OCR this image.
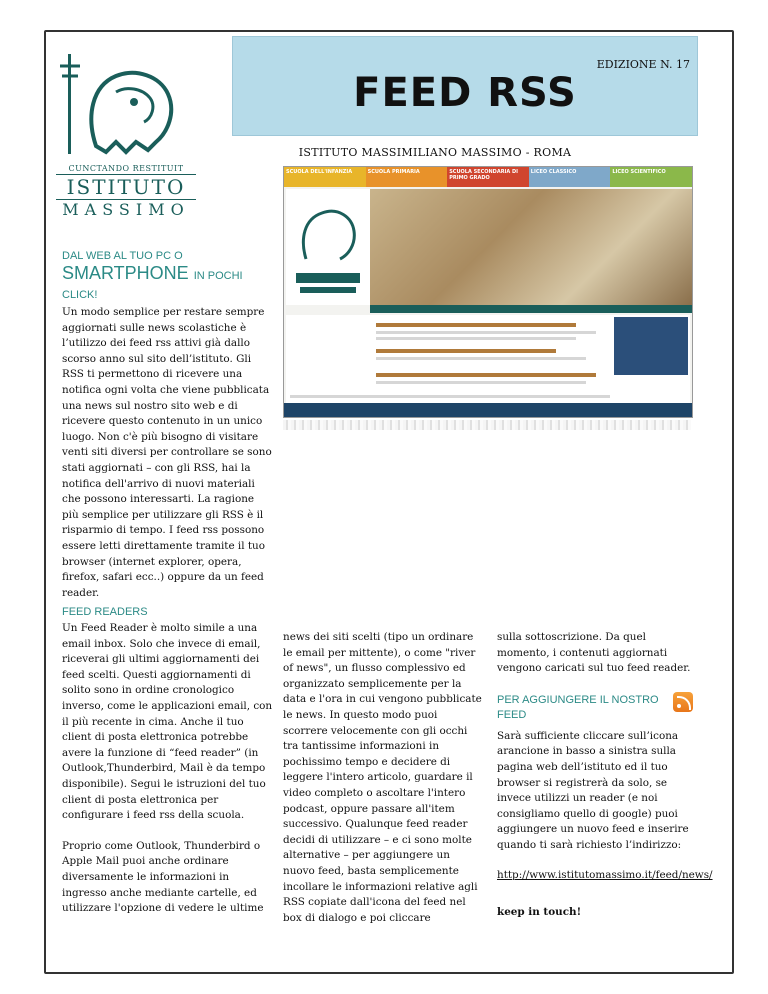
CUNCTANDO RESTITUIT
ISTITUTO
MASSIMO
FEED RSS
EDIZIONE N. 17
ISTITUTO MASSIMILIANO MASSIMO - ROMA
DAL WEB AL TUO PC O
SMARTPHONE IN POCHI
CLICK!

Un modo semplice per restare sempre aggiornati sulle news scolastiche è l’utilizzo dei feed rss attivi già dallo scorso anno sul sito dell’istituto. Gli RSS ti permettono di ricevere una notifica ogni volta che viene pubblicata una news sul nostro sito web e di ricevere questo contenuto in un unico luogo. Non c'è più bisogno di visitare venti siti diversi per controllare se sono stati aggiornati – con gli RSS, hai la notifica dell'arrivo di nuovi materiali che possono interessarti. La ragione più semplice per utilizzare gli RSS è il risparmio di tempo. I feed rss possono essere letti direttamente tramite il tuo browser (internet explorer, opera, firefox, safari ecc..) oppure da un feed reader.

SCUOLA DELL'INFANZIA	SCUOLA PRIMARIA	SCUOLA SECONDARIA DI PRIMO GRADO
LICEO CLASSICO	LICEO SCIENTIFICO
FEED READERS

Un Feed Reader è molto simile a una email inbox. Solo che invece di email, riceverai gli ultimi aggiornamenti dei feed scelti. Questi aggiornamenti di solito sono in ordine cronologico inverso, come le applicazioni email, con il più recente in cima. Anche il tuo client di posta elettronica potrebbe avere la funzione di “feed reader” (in Outlook,Thunderbird, Mail è da tempo disponibile). Segui le istruzioni del tuo client di posta elettronica per configurare i feed rss della scuola.

Proprio come Outlook, Thunderbird o Apple Mail puoi anche ordinare diversamente le informazioni in ingresso anche mediante cartelle, ed utilizzare l'opzione di vedere le ultime

news dei siti scelti (tipo un ordinare le email per mittente), o come "river of news", un flusso complessivo ed organizzato semplicemente per la data e l'ora in cui vengono pubblicate le news. In questo modo puoi scorrere velocemente con gli occhi tra tantissime informazioni in pochissimo tempo e decidere di leggere l'intero articolo, guardare il video completo o ascoltare l'intero podcast, oppure passare all'item successivo. Qualunque feed reader decidi di utilizzare – e ci sono molte alternative – per aggiungere un nuovo feed, basta semplicemente incollare le informazioni relative agli RSS copiate dall'icona del feed nel box di dialogo e poi cliccare

sulla sottoscrizione. Da quel momento, i contenuti aggiornati vengono caricati sul tuo feed reader.

PER AGGIUNGERE IL NOSTRO FEED

Sarà sufficiente cliccare sull’icona arancione in basso a sinistra sulla pagina web dell’istituto ed il tuo browser si registrerà da solo, se invece utilizzi un reader (e noi consigliamo quello di google) puoi aggiungere un nuovo feed e inserire quando ti sarà richiesto l’indirizzo:

http://www.istitutomassimo.it/feed/news/
keep in touch!
